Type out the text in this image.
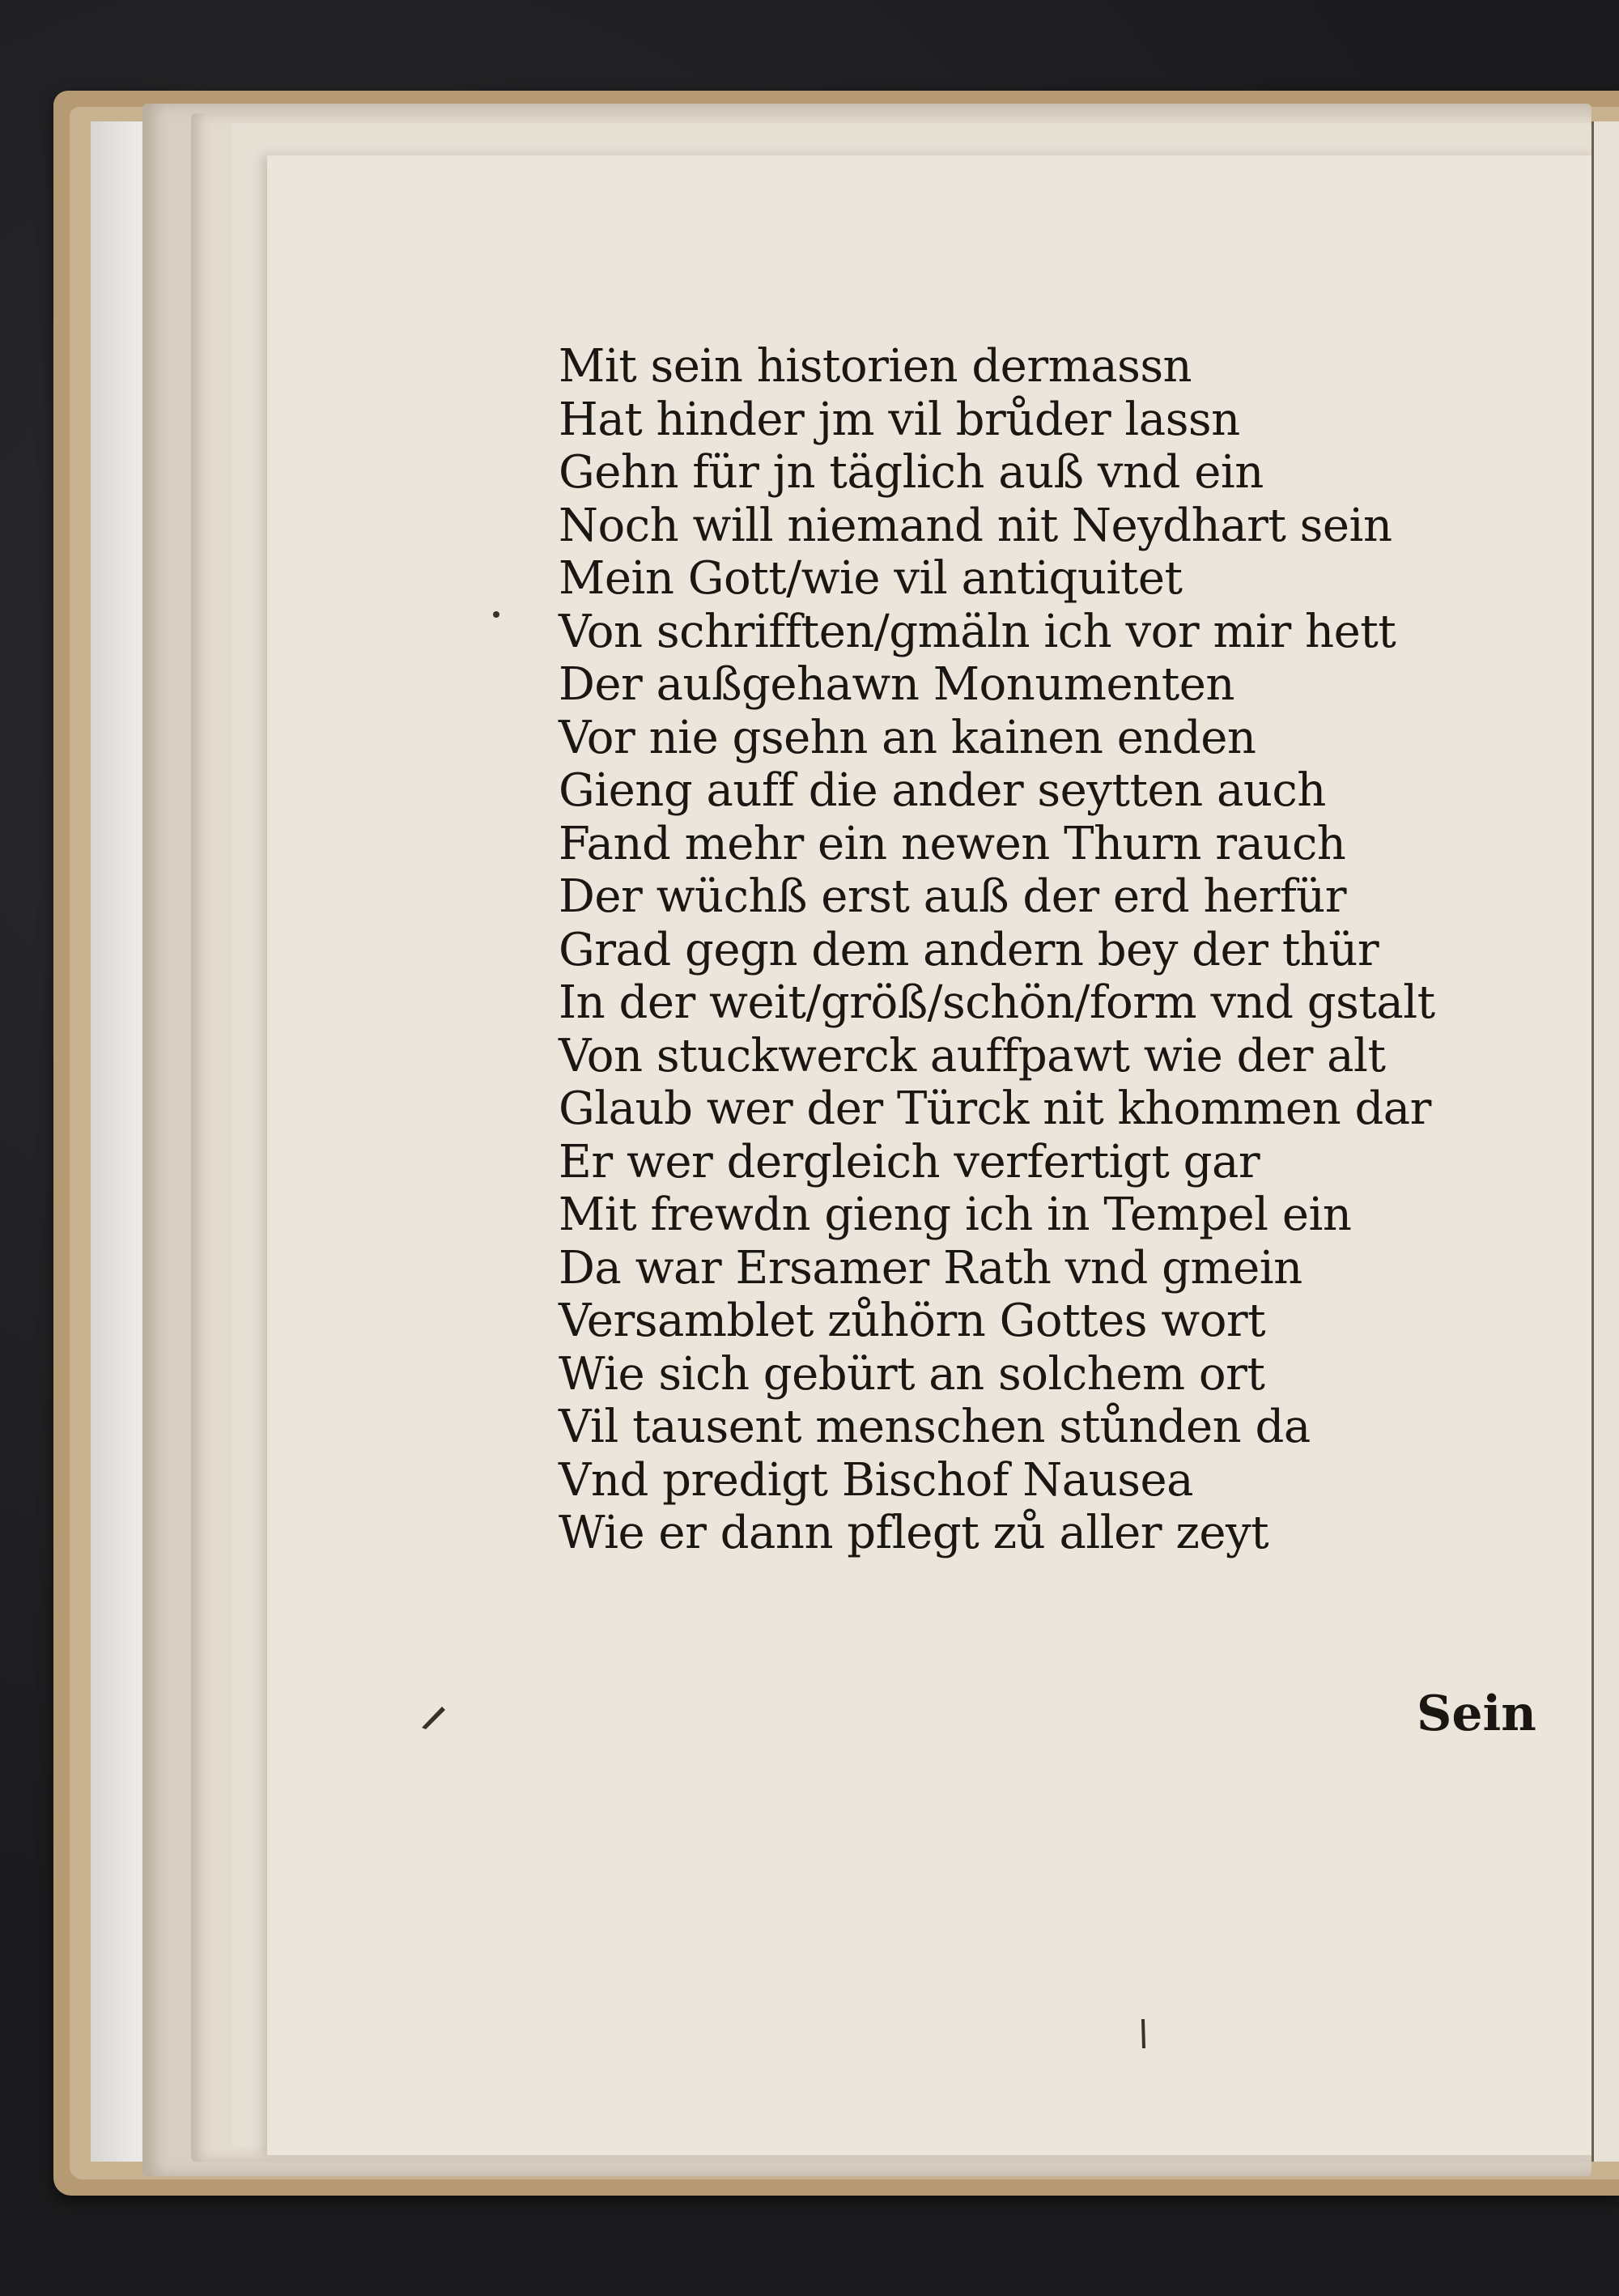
Mit sein historien dermassn
Hat hinder jm vil brůder lassn
Gehn für jn täglich auß vnd ein
Noch will niemand nit Neydhart sein
Mein Gott/wie vil antiquitet
Von schrifften/gmäln ich vor mir hett
Der außgehawn Monumenten
Vor nie gsehn an kainen enden
Gieng auff die ander seytten auch
Fand mehr ein newen Thurn rauch
Der wüchß erst auß der erd herfür
Grad gegn dem andern bey der thür
In der weit/größ/schön/form vnd gstalt
Von stuckwerck auffpawt wie der alt
Glaub wer der Türck nit khommen dar
Er wer dergleich verfertigt gar
Mit frewdn gieng ich in Tempel ein
Da war Ersamer Rath vnd gmein
Versamblet zůhörn Gottes wort
Wie sich gebürt an solchem ort
Vil tausent menschen stůnden da
Vnd predigt Bischof Nausea
Wie er dann pflegt zů aller zeyt
Sein
